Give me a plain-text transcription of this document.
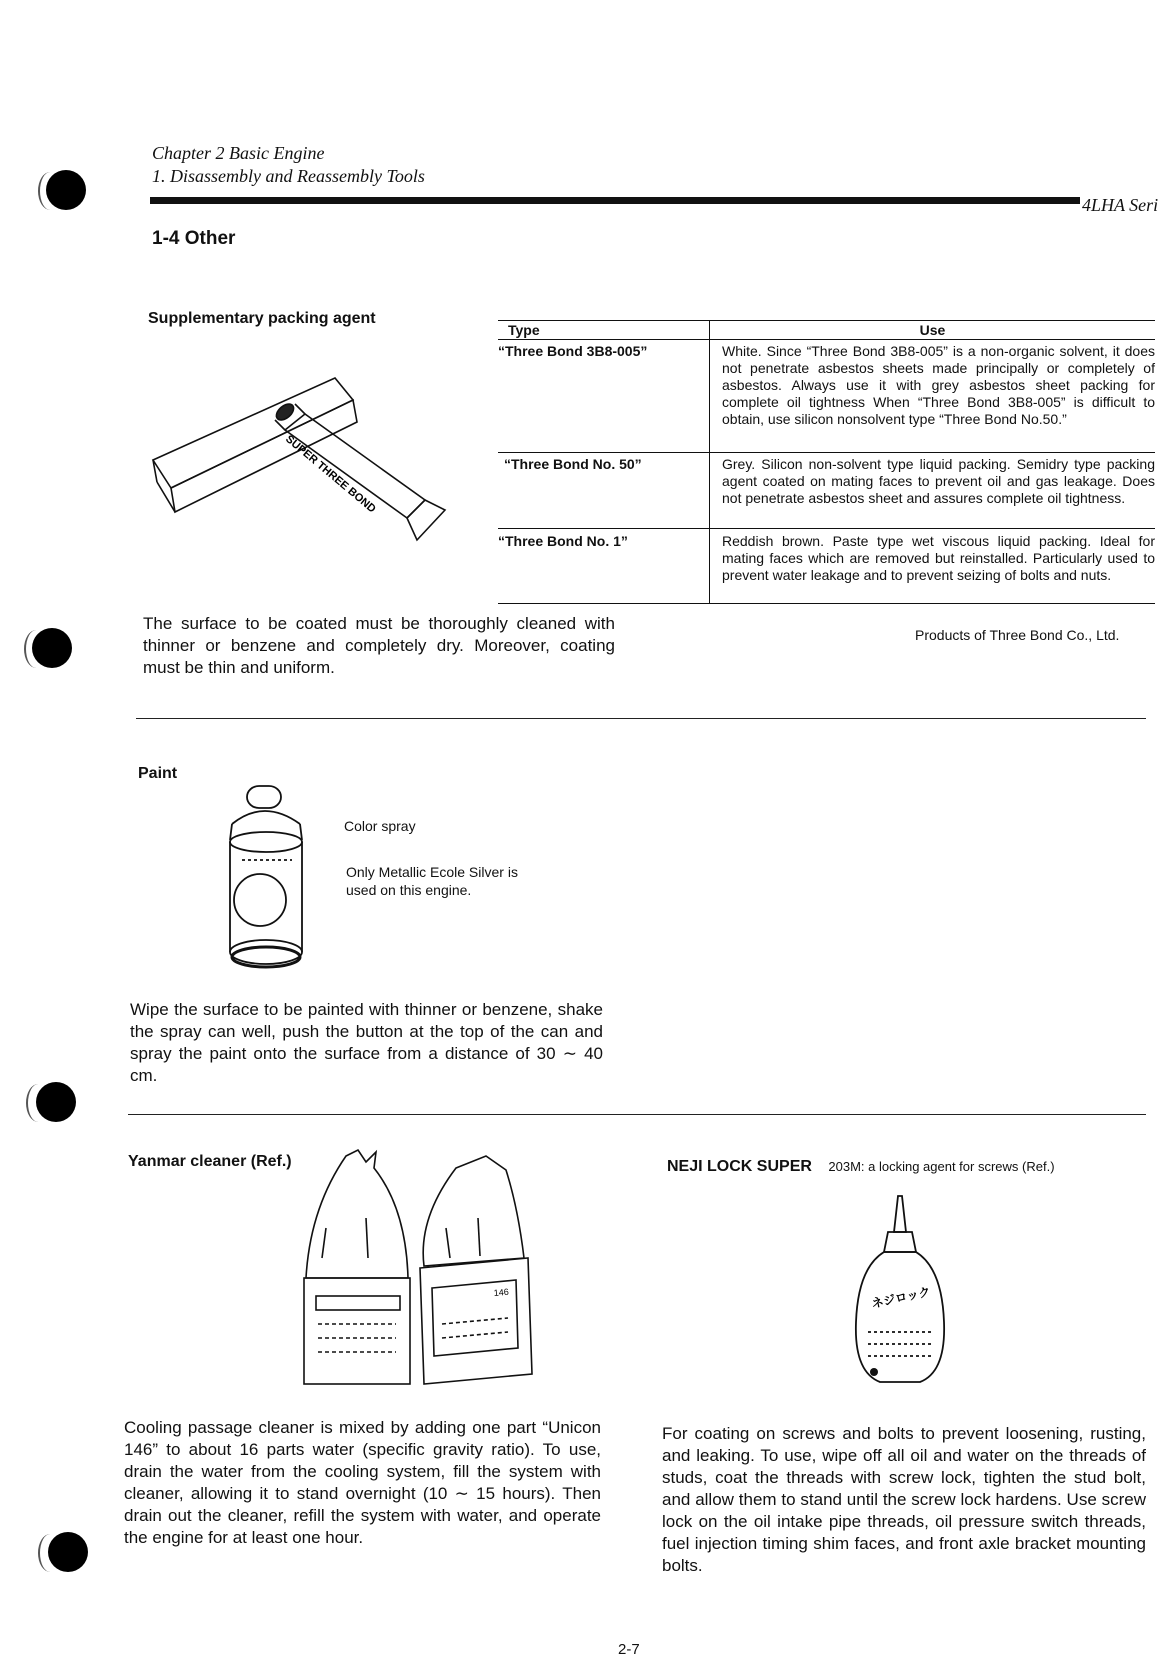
Chapter 2 Basic Engine
1. Disassembly and Reassembly Tools
4LHA Seri
1-4 Other
Supplementary packing agent
SUPER THREE BOND
Type	Use
“Three Bond 3B8-005”	White. Since “Three Bond 3B8-005” is a non-organic solvent, it does not penetrate asbestos sheets made principally or completely of asbestos. Always use it with grey asbestos sheet packing for complete oil tightness When “Three Bond 3B8-005” is difficult to obtain, use silicon nonsolvent type “Three Bond No.50.”
“Three Bond No. 50”	Grey. Silicon non-solvent type liquid packing. Semidry type packing agent coated on mating faces to prevent oil and gas leakage. Does not penetrate asbestos sheet and assures complete oil tightness.
“Three Bond No. 1”	Reddish brown. Paste type wet viscous liquid packing. Ideal for mating faces which are removed but reinstalled. Particularly used to prevent water leakage and to prevent seizing of bolts and nuts.
Products of Three Bond Co., Ltd.
The surface to be coated must be thoroughly cleaned with thinner or benzene and completely dry. Moreover, coating must be thin and uniform.
Paint
Color spray
Only Metallic Ecole Silver is
used on this engine.
Wipe the surface to be painted with thinner or benzene, shake the spray can well, push the button at the top of the can and spray the paint onto the surface from a distance of 30 ∼ 40 cm.
Yanmar cleaner (Ref.)
146
Cooling passage cleaner is mixed by adding one part “Unicon 146” to about 16 parts water (specific gravity ratio). To use, drain the water from the cooling system, fill the system with cleaner, allowing it to stand overnight (10 ∼ 15 hours). Then drain out the cleaner, refill the system with water, and operate the engine for at least one hour.
NEJI LOCK SUPER 203M: a locking agent for screws (Ref.)
ネジロック
For coating on screws and bolts to prevent loosening, rusting, and leaking. To use, wipe off all oil and water on the threads of studs, coat the threads with screw lock, tighten the stud bolt, and allow them to stand until the screw lock hardens. Use screw lock on the oil intake pipe threads, oil pressure switch threads, fuel injection timing shim faces, and front axle bracket mounting bolts.
2-7
